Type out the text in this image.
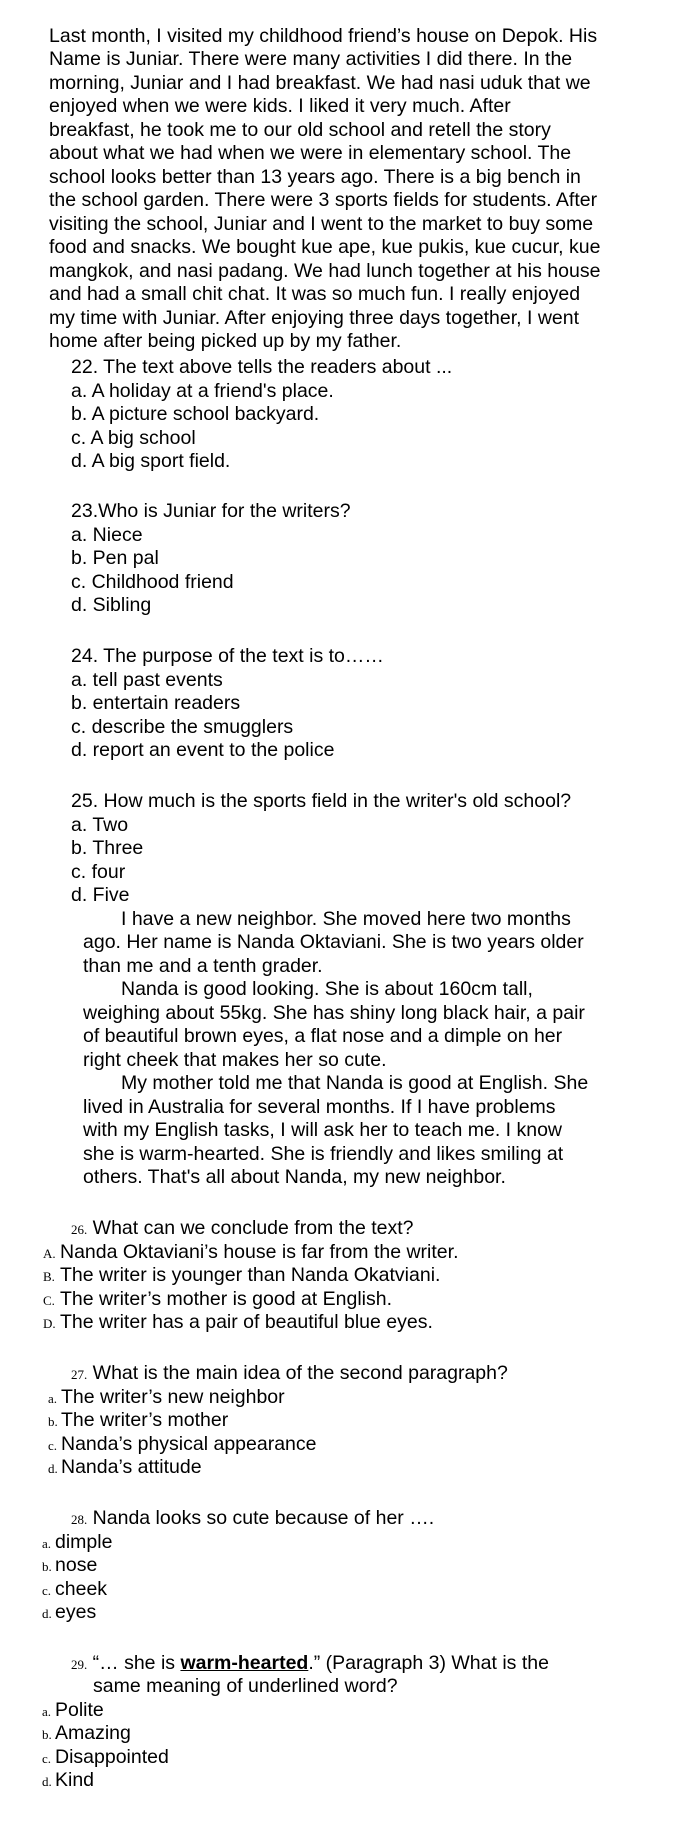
Last month, I visited my childhood friend’s house on Depok. His
Name is Juniar. There were many activities I did there. In the
morning, Juniar and I had breakfast. We had nasi uduk that we
enjoyed when we were kids. I liked it very much. After
breakfast, he took me to our old school and retell the story
about what we had when we were in elementary school. The
school looks better than 13 years ago. There is a big bench in
the school garden. There were 3 sports fields for students. After
visiting the school, Juniar and I went to the market to buy some
food and snacks. We bought kue ape, kue pukis, kue cucur, kue
mangkok, and nasi padang. We had lunch together at his house
and had a small chit chat. It was so much fun. I really enjoyed
my time with Juniar. After enjoying three days together, I went
home after being picked up by my father.
22. The text above tells the readers about ...
a. A holiday at a friend's place.
b. A picture school backyard.
c. A big school
d. A big sport field.
23.Who is Juniar for the writers?
a. Niece
b. Pen pal
c. Childhood friend
d. Sibling
24. The purpose of the text is to……
a. tell past events
b. entertain readers
c. describe the smugglers
d. report an event to the police
25. How much is the sports field in the writer's old school?
a. Two
b. Three
c. four
d. Five
I have a new neighbor. She moved here two months
ago. Her name is Nanda Oktaviani. She is two years older
than me and a tenth grader.
Nanda is good looking. She is about 160cm tall,
weighing about 55kg. She has shiny long black hair, a pair
of beautiful brown eyes, a flat nose and a dimple on her
right cheek that makes her so cute.
My mother told me that Nanda is good at English. She
lived in Australia for several months. If I have problems
with my English tasks, I will ask her to teach me. I know
she is warm-hearted. She is friendly and likes smiling at
others. That's all about Nanda, my new neighbor.
26. What can we conclude from the text?
A. Nanda Oktaviani’s house is far from the writer.
B. The writer is younger than Nanda Okatviani.
C. The writer’s mother is good at English.
D. The writer has a pair of beautiful blue eyes.
27. What is the main idea of the second paragraph?
a. The writer’s new neighbor
b. The writer’s mother
c. Nanda’s physical appearance
d. Nanda’s attitude
28. Nanda looks so cute because of her ….
a. dimple
b. nose
c. cheek
d. eyes
29. “… she is warm-hearted.” (Paragraph 3) What is the
same meaning of underlined word?
a. Polite
b. Amazing
c. Disappointed
d. Kind
